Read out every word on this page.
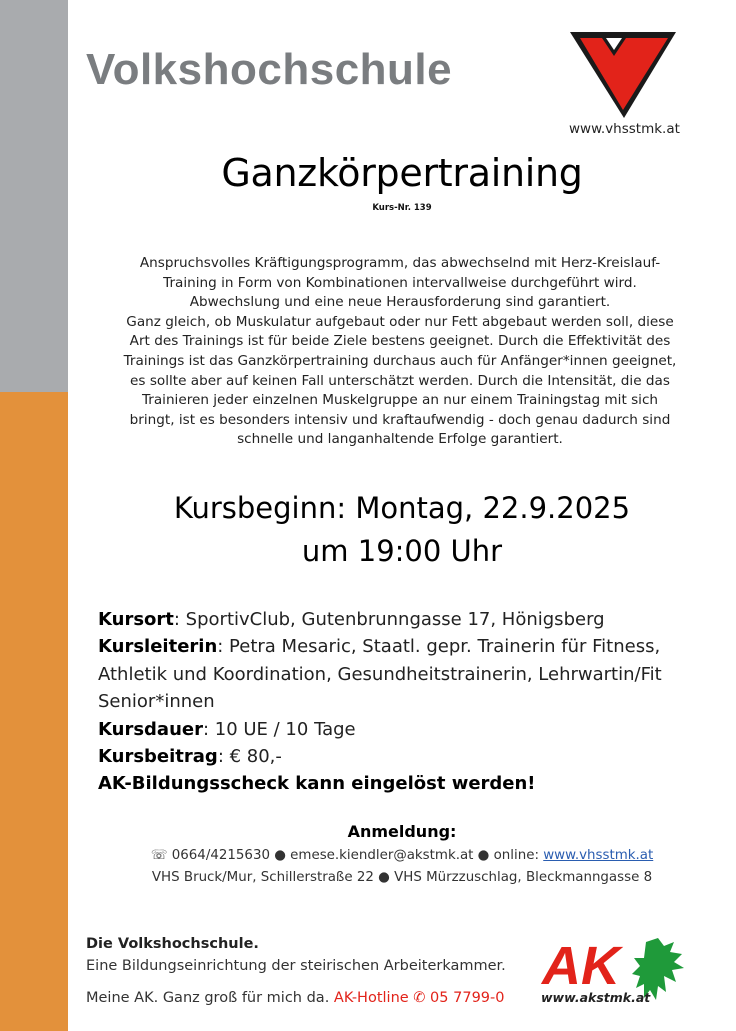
Volkshochschule
www.vhsstmk.at
Ganzkörpertraining
Kurs-Nr. 139

Anspruchsvolles Kräftigungsprogramm, das abwechselnd mit Herz-Kreislauf-

Training in Form von Kombinationen intervallweise durchgeführt wird.

Abwechslung und eine neue Herausforderung sind garantiert.

Ganz gleich, ob Muskulatur aufgebaut oder nur Fett abgebaut werden soll, diese

Art des Trainings ist für beide Ziele bestens geeignet. Durch die Effektivität des

Trainings ist das Ganzkörpertraining durchaus auch für Anfänger*innen geeignet,

es sollte aber auf keinen Fall unterschätzt werden. Durch die Intensität, die das

Trainieren jeder einzelnen Muskelgruppe an nur einem Trainingstag mit sich

bringt, ist es besonders intensiv und kraftaufwendig - doch genau dadurch sind

schnelle und langanhaltende Erfolge garantiert.

Kursbeginn: Montag, 22.9.2025
um 19:00 Uhr
Kursort: SportivClub, Gutenbrunngasse 17, Hönigsberg
Kursleiterin: Petra Mesaric, Staatl. gepr. Trainerin für Fitness,
Athletik und Koordination, Gesundheitstrainerin, Lehrwartin/Fit
Senior*innen
Kursdauer: 10 UE / 10 Tage
Kursbeitrag: € 80,-
AK-Bildungsscheck kann eingelöst werden!
Anmeldung:
☏ 0664/4215630 ● emese.kiendler@akstmk.at ● online: www.vhsstmk.at
VHS Bruck/Mur, Schillerstraße 22 ● VHS Mürzzuschlag, Bleckmanngasse 8
Die Volkshochschule.
Eine Bildungseinrichtung der steirischen Arbeiterkammer.
Meine AK. Ganz groß für mich da. AK-Hotline ✆ 05 7799-0
AK
www.akstmk.at
